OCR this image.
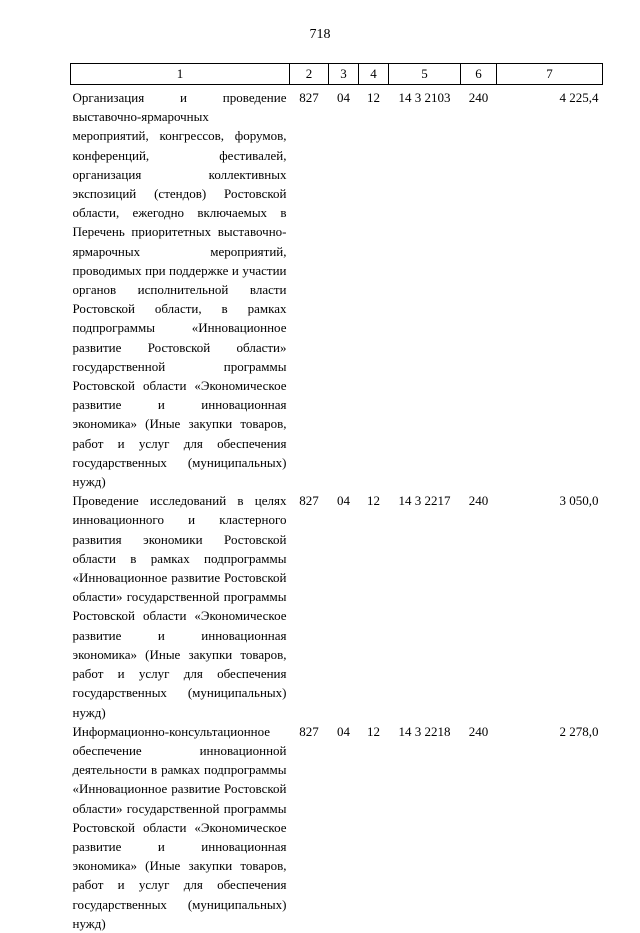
718
1	2	3	4	5	6	7
Организация и проведение выставочно-ярмарочных мероприятий, конгрессов, форумов, конференций, фестивалей, организация коллективных экспозиций (стендов) Ростовской области, ежегодно включаемых в Перечень приоритетных выставочно-ярмарочных мероприятий, проводимых при поддержке и участии органов исполнительной власти Ростовской области, в рамках подпрограммы «Инновационное развитие Ростовской области» государственной программы Ростовской области «Экономическое развитие и инновационная экономика» (Иные закупки товаров, работ и услуг для обеспечения государственных (муниципальных) нужд)	827	04	12	14 3 2103	240	4 225,4
Проведение исследований в целях инновационного и кластерного развития экономики Ростовской области в рамках подпрограммы «Инновационное развитие Ростовской области» государственной программы Ростовской области «Экономическое развитие и инновационная экономика» (Иные закупки товаров, работ и услуг для обеспечения государственных (муниципальных) нужд)	827	04	12	14 3 2217	240	3 050,0
Информационно-консультационное обеспечение инновационной деятельности в рамках подпрограммы «Инновационное развитие Ростовской области» государственной программы Ростовской области «Экономическое развитие и инновационная экономика» (Иные закупки товаров, работ и услуг для обеспечения государственных (муниципальных) нужд)	827	04	12	14 3 2218	240	2 278,0
